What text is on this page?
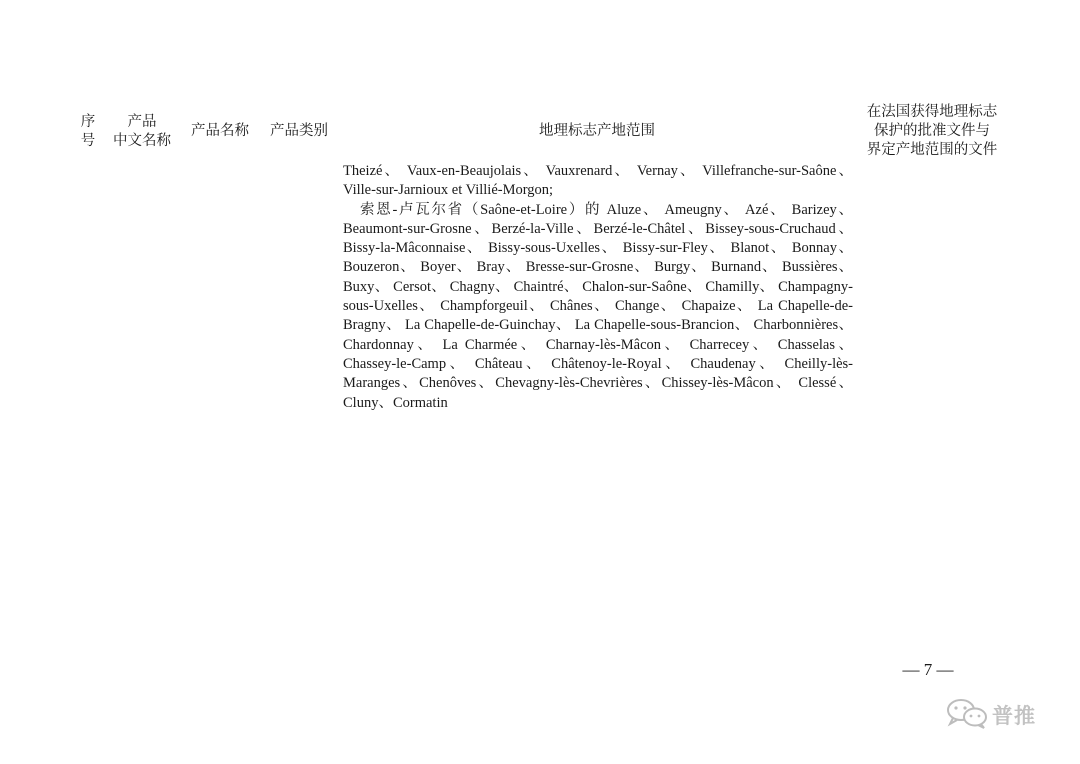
序
号
产品
中文名称
产品名称	产品类别	地理标志产地范围
在法国获得地理标志
保护的批准文件与
界定产地范围的文件

Theizé、 Vaux-en-Beaujolais、 Vauxrenard、 Vernay、 Villefranche-sur-Saône、 Ville-sur-Jarnioux et Villié-Morgon;

索恩-卢瓦尔省（Saône-et-Loire）的 Aluze、 Ameugny、 Azé、 Barizey、 Beaumont-sur-Grosne、Berzé-la-Ville、Berzé-le-Châtel、Bissey-sous-Cruchaud、 Bissy-la-Mâconnaise、 Bissy-sous-Uxelles、 Bissy-sur-Fley、 Blanot、 Bonnay、 Bouzeron、 Boyer、 Bray、 Bresse-sur-Grosne、 Burgy、 Burnand、 Bussières、 Buxy、 Cersot、 Chagny、 Chaintré、 Chalon-sur-Saône、 Chamilly、 Champagny-sous-Uxelles、 Champforgeuil、 Chânes、 Change、 Chapaize、 La Chapelle-de-Bragny、 La Chapelle-de-Guinchay、 La Chapelle-sous-Brancion、 Charbonnières、 Chardonnay、 La Charmée、 Charnay-lès-Mâcon、 Charrecey、 Chasselas、 Chassey-le-Camp、 Château、 Châtenoy-le-Royal、 Chaudenay、 Cheilly-lès-Maranges、Chenôves、Chevagny-lès-Chevrières、Chissey-lès-Mâcon、 Clessé、Cluny、Cormatin

— 7 —
普推
